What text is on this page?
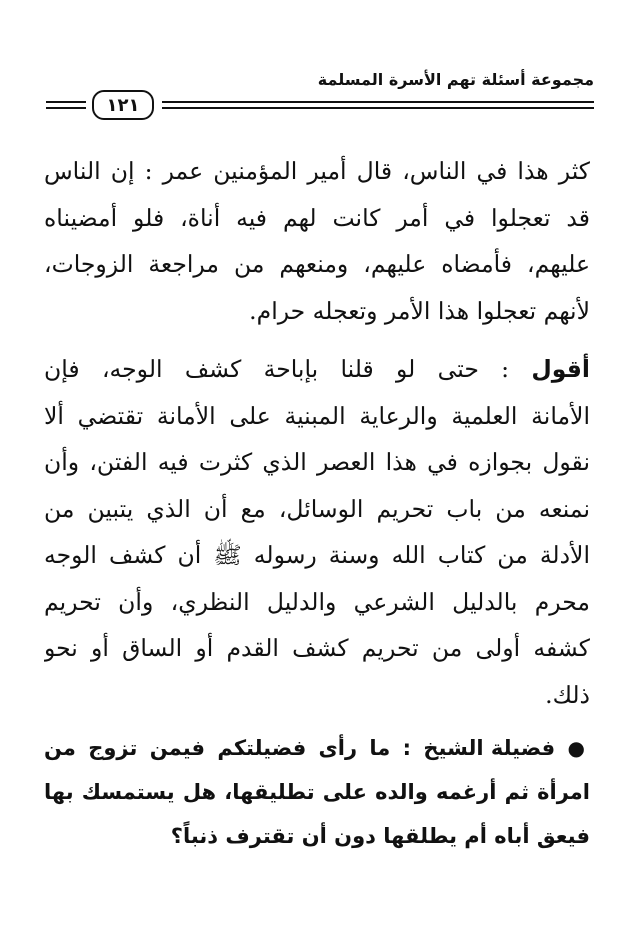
مجموعة أسئلة تهم الأسرة المسلمة
١٢١
كثر هذا في الناس، قال أمير المؤمنين عمر : إن الناس
قد تعجلوا في أمر كانت لهم فيه أناة، فلو أمضيناه
عليهم، فأمضاه عليهم، ومنعهم من مراجعة الزوجات،
لأنهم تعجلوا هذا الأمر وتعجله حرام.
أقول : حتى لو قلنا بإباحة كشف الوجه، فإن
الأمانة العلمية والرعاية المبنية على الأمانة تقتضي ألا
نقول بجوازه في هذا العصر الذي كثرت فيه الفتن، وأن
نمنعه من باب تحريم الوسائل، مع أن الذي يتبين من
الأدلة من كتاب الله وسنة رسوله ﷺ أن كشف الوجه
محرم بالدليل الشرعي والدليل النظري، وأن تحريم
كشفه أولى من تحريم كشف القدم أو الساق أو نحو
ذلك.
● فضيلة الشيخ : ما رأى فضيلتكم فيمن تزوج من
امرأة ثم أرغمه والده على تطليقها، هل يستمسك بها
فيعق أباه أم يطلقها دون أن تقترف ذنباً؟
